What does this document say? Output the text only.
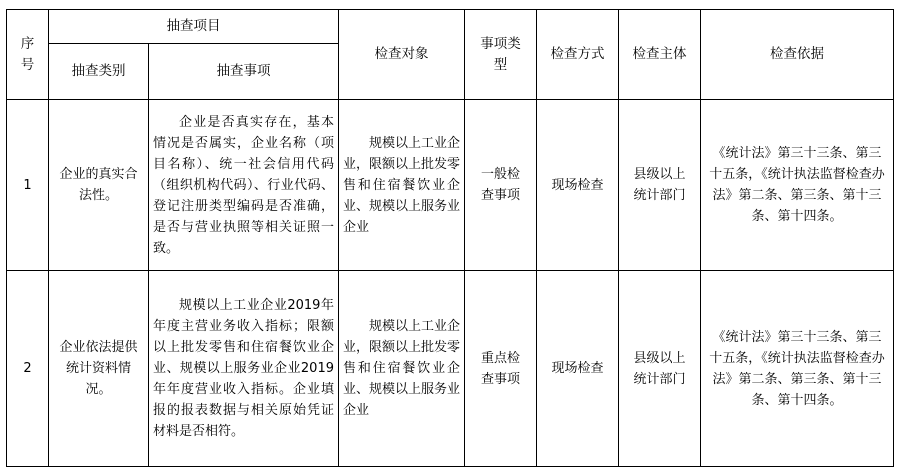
序号	抽查项目		检查对象	事项类型	检查方式	检查主体	检查依据
	抽查类别	抽查事项					
1	企业的真实合法性。	企业是否真实存在，基本情况是否属实，企业名称（项目名称）、统一社会信用代码（组织机构代码）、行业代码、登记注册类型编码是否准确，是否与营业执照等相关证照一致。	规模以上工业企业，限额以上批发零售和住宿餐饮业企业、规模以上服务业企业	一般检查事项	现场检查	县级以上统计部门	《统计法》第三十三条、第三十五条，《统计执法监督检查办法》第二条、第三条、第十三条、第十四条。
2	企业依法提供统计资料情况。	规模以上工业企业2019年年度主营业务收入指标；限额以上批发零售和住宿餐饮业企业、规模以上服务业企业2019年年度营业收入指标。企业填报的报表数据与相关原始凭证材料是否相符。	规模以上工业企业，限额以上批发零售和住宿餐饮业企业、规模以上服务业企业	重点检查事项	现场检查	县级以上统计部门	《统计法》第三十三条、第三十五条，《统计执法监督检查办法》第二条、第三条、第十三条、第十四条。
